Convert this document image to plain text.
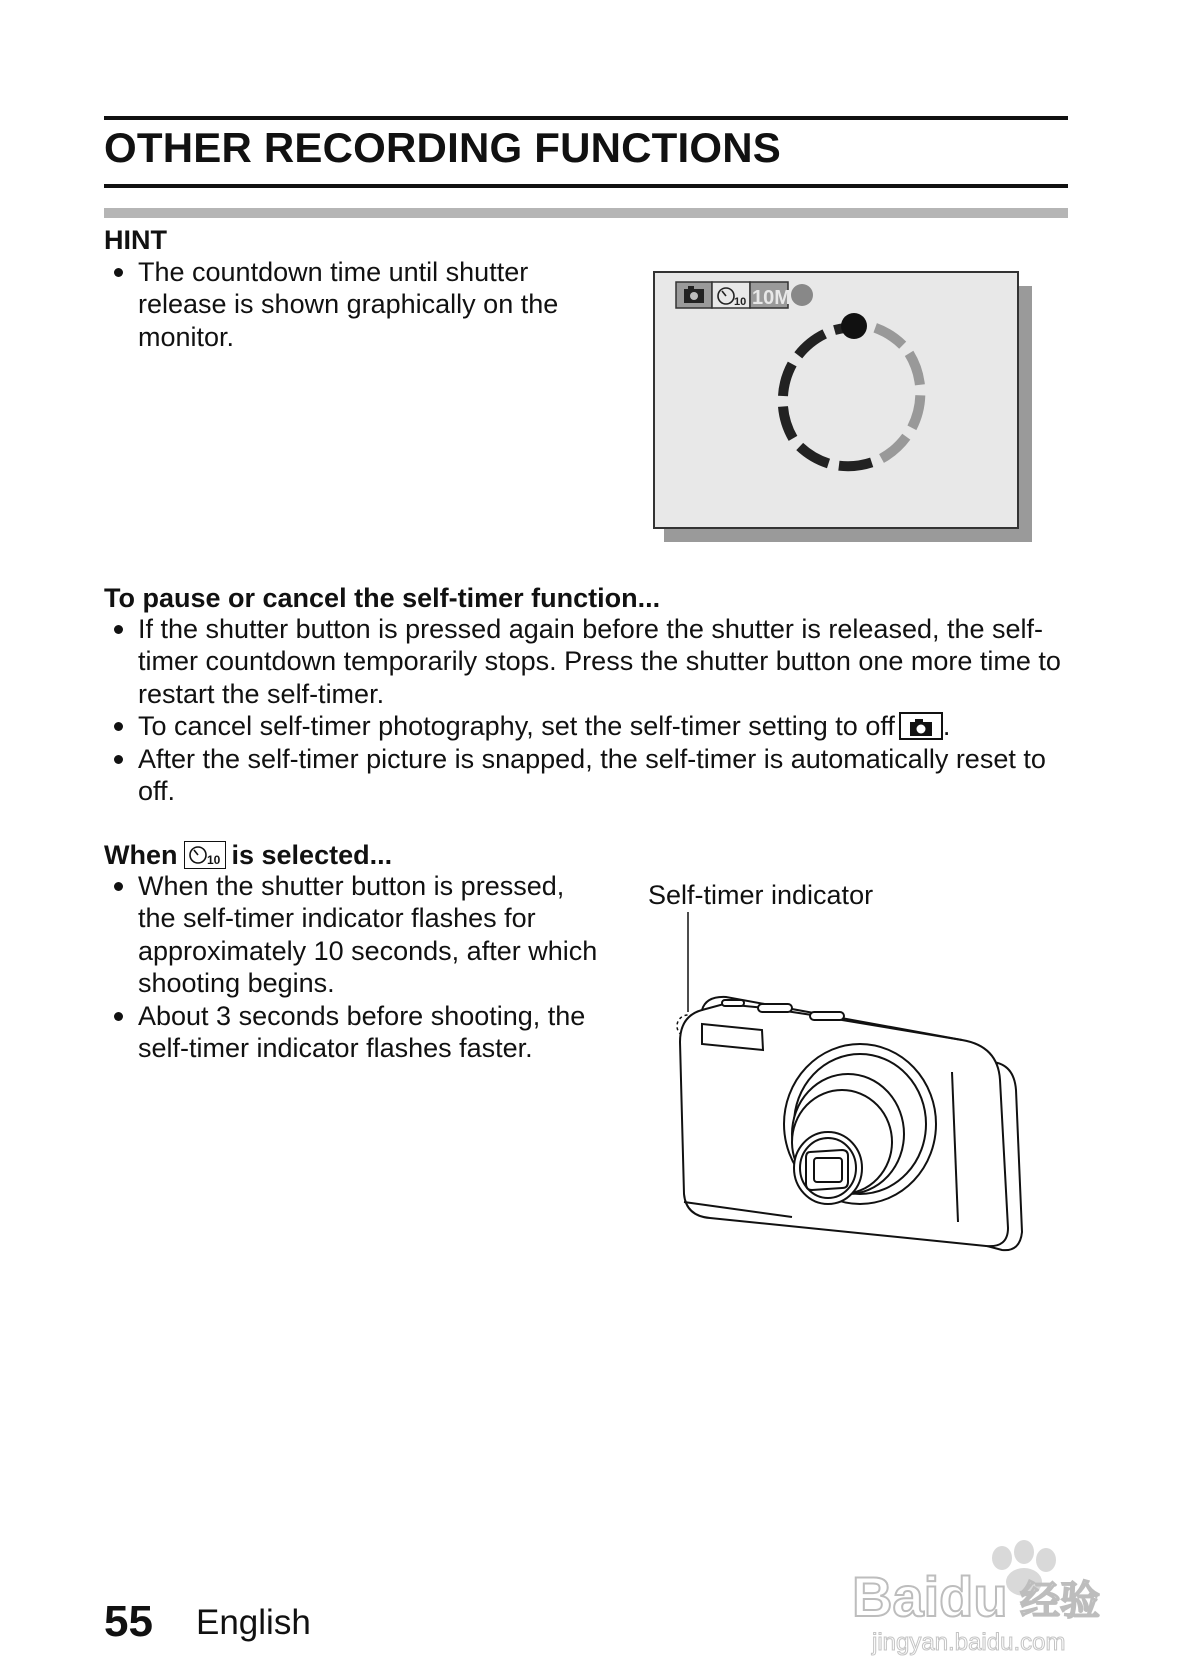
OTHER RECORDING FUNCTIONS
HINT
The countdown time until shutter release is shown graphically on the monitor.
10 10M
To pause or cancel the self-timer function...
If the shutter button is pressed again before the shutter is released, the self-timer countdown temporarily stops. Press the shutter button one more time to restart the self-timer.
To cancel self-timer photography, set the self-timer setting to off .
After the self-timer picture is snapped, the self-timer is automatically reset to off.
When 10 is selected...
When the shutter button is pressed, the self-timer indicator flashes for approximately 10 seconds, after which shooting begins.
About 3 seconds before shooting, the self-timer indicator flashes faster.
Self-timer indicator
55 English	Baidu 经验
jingyan.baidu.com
